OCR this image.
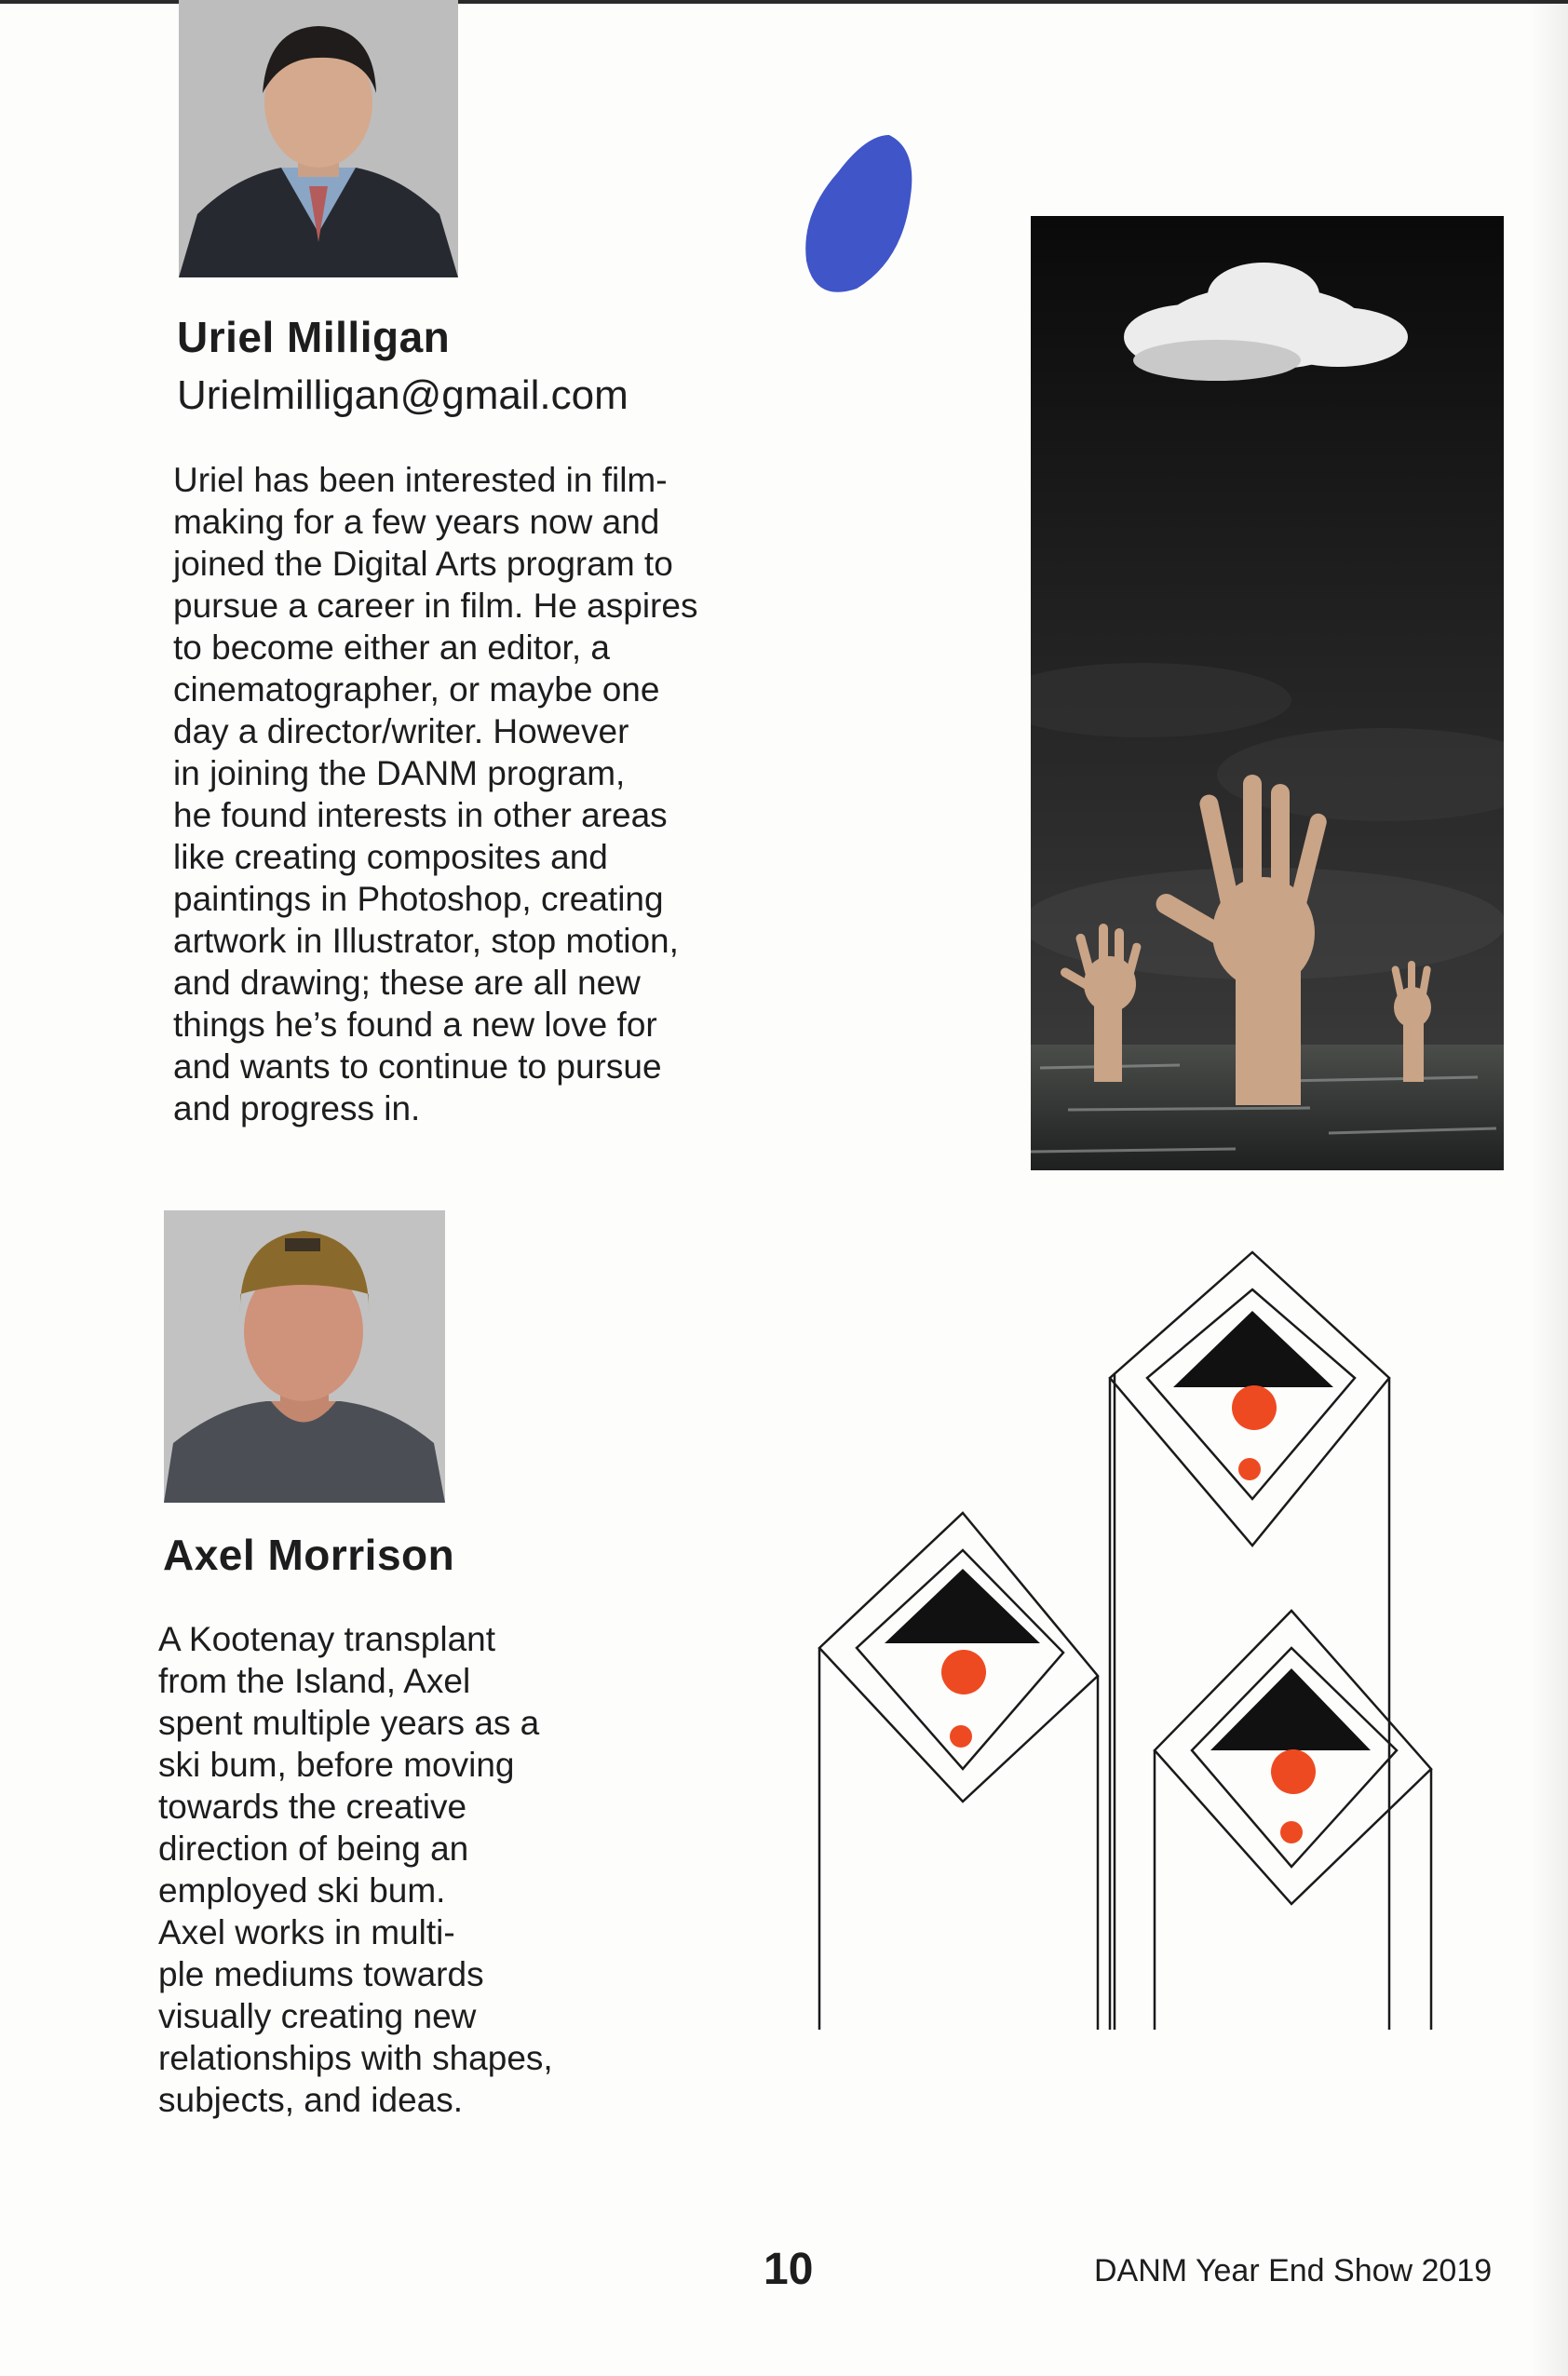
Uriel Milligan

Urielmilligan@gmail.com

Uriel has been interested in film-
making for a few years now and
joined the Digital Arts program to
pursue a career in film. He aspires
to become either an editor, a
cinematographer, or maybe one
day a director/writer. However
in joining the DANM program,
he found interests in other areas
like creating composites and
paintings in Photoshop, creating
artwork in Illustrator, stop motion,
and drawing; these are all new
things he’s found a new love for
and wants to continue to pursue
and progress in.

Axel Morrison

A Kootenay transplant
from the Island, Axel
spent multiple years as a
ski bum, before moving
towards the creative
direction of being an
employed ski bum.
Axel works in multi-
ple mediums towards
visually creating new
relationships with shapes,
subjects, and ideas.

10	DANM Year End Show 2019
